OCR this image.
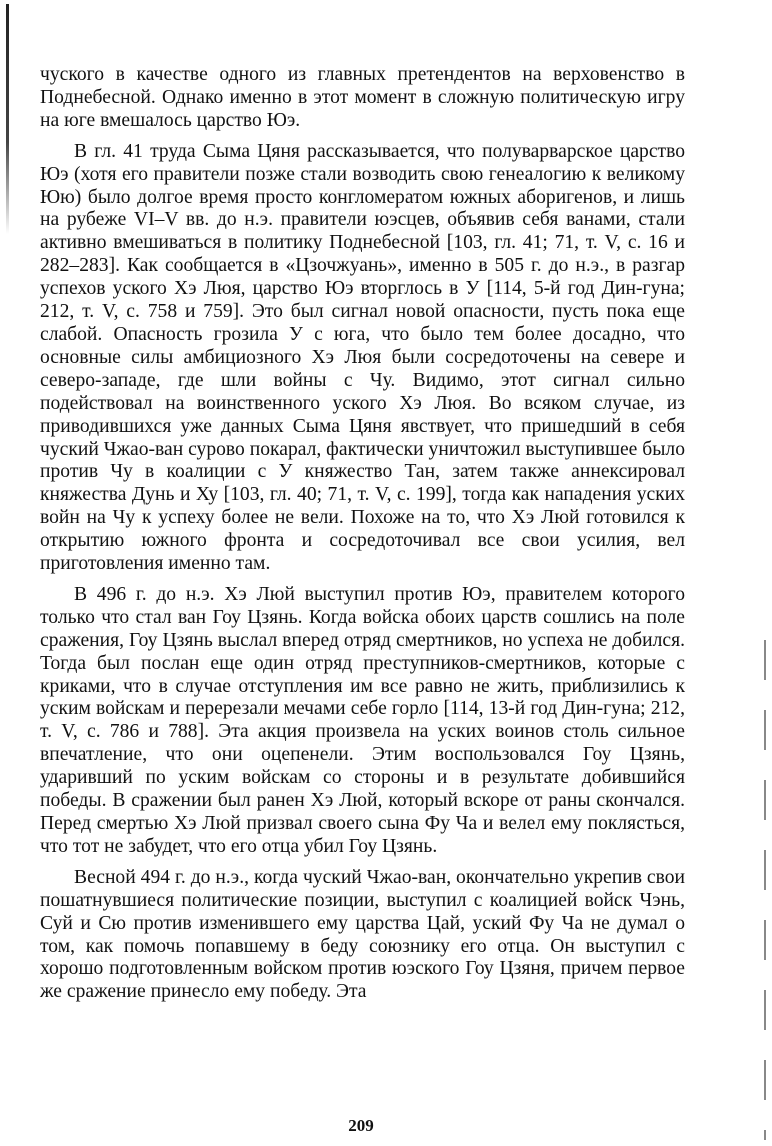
чуского в качестве одного из главных претендентов на верховенство в Поднебесной. Однако именно в этот момент в сложную политическую игру на юге вмешалось царство Юэ.

В гл. 41 труда Сыма Цяня рассказывается, что полуварварское царство Юэ (хотя его правители позже стали возводить свою генеалогию к великому Юю) было долгое время просто конгломератом южных аборигенов, и лишь на рубеже VI–V вв. до н.э. правители юэсцев, объявив себя ванами, стали активно вмешиваться в политику Поднебесной [103, гл. 41; 71, т. V, с. 16 и 282–283]. Как сообщается в «Цзочжуань», именно в 505 г. до н.э., в разгар успехов уского Хэ Люя, царство Юэ вторглось в У [114, 5-й год Дин-гуна; 212, т. V, с. 758 и 759]. Это был сигнал новой опасности, пусть пока еще слабой. Опасность грозила У с юга, что было тем более досадно, что основные силы амбициозного Хэ Люя были сосредоточены на севере и северо-западе, где шли войны с Чу. Видимо, этот сигнал сильно подействовал на воинственного уского Хэ Люя. Во всяком случае, из приводившихся уже данных Сыма Цяня явствует, что пришедший в себя чуский Чжао-ван сурово покарал, фактически уничтожил выступившее было против Чу в коалиции с У княжество Тан, затем также аннексировал княжества Дунь и Ху [103, гл. 40; 71, т. V, с. 199], тогда как нападения уских войн на Чу к успеху более не вели. Похоже на то, что Хэ Люй готовился к открытию южного фронта и сосредоточивал все свои усилия, вел приготовления именно там.

В 496 г. до н.э. Хэ Люй выступил против Юэ, правителем которого только что стал ван Гоу Цзянь. Когда войска обоих царств сошлись на поле сражения, Гоу Цзянь выслал вперед отряд смертников, но успеха не добился. Тогда был послан еще один отряд преступников-смертников, которые с криками, что в случае отступления им все равно не жить, приблизились к уским войскам и перерезали мечами себе горло [114, 13-й год Дин-гуна; 212, т. V, с. 786 и 788]. Эта акция произвела на уских воинов столь сильное впечатление, что они оцепенели. Этим воспользовался Гоу Цзянь, ударивший по уским войскам со стороны и в результате добившийся победы. В сражении был ранен Хэ Люй, который вскоре от раны скончался. Перед смертью Хэ Люй призвал своего сына Фу Ча и велел ему поклясться, что тот не забудет, что его отца убил Гоу Цзянь.

Весной 494 г. до н.э., когда чуский Чжао-ван, окончательно укрепив свои пошатнувшиеся политические позиции, выступил с коалицией войск Чэнь, Суй и Сю против изменившего ему царства Цай, уский Фу Ча не думал о том, как помочь попавшему в беду союзнику его отца. Он выступил с хорошо подготовленным войском против юэского Гоу Цзяня, причем первое же сражение принесло ему победу. Эта

209
